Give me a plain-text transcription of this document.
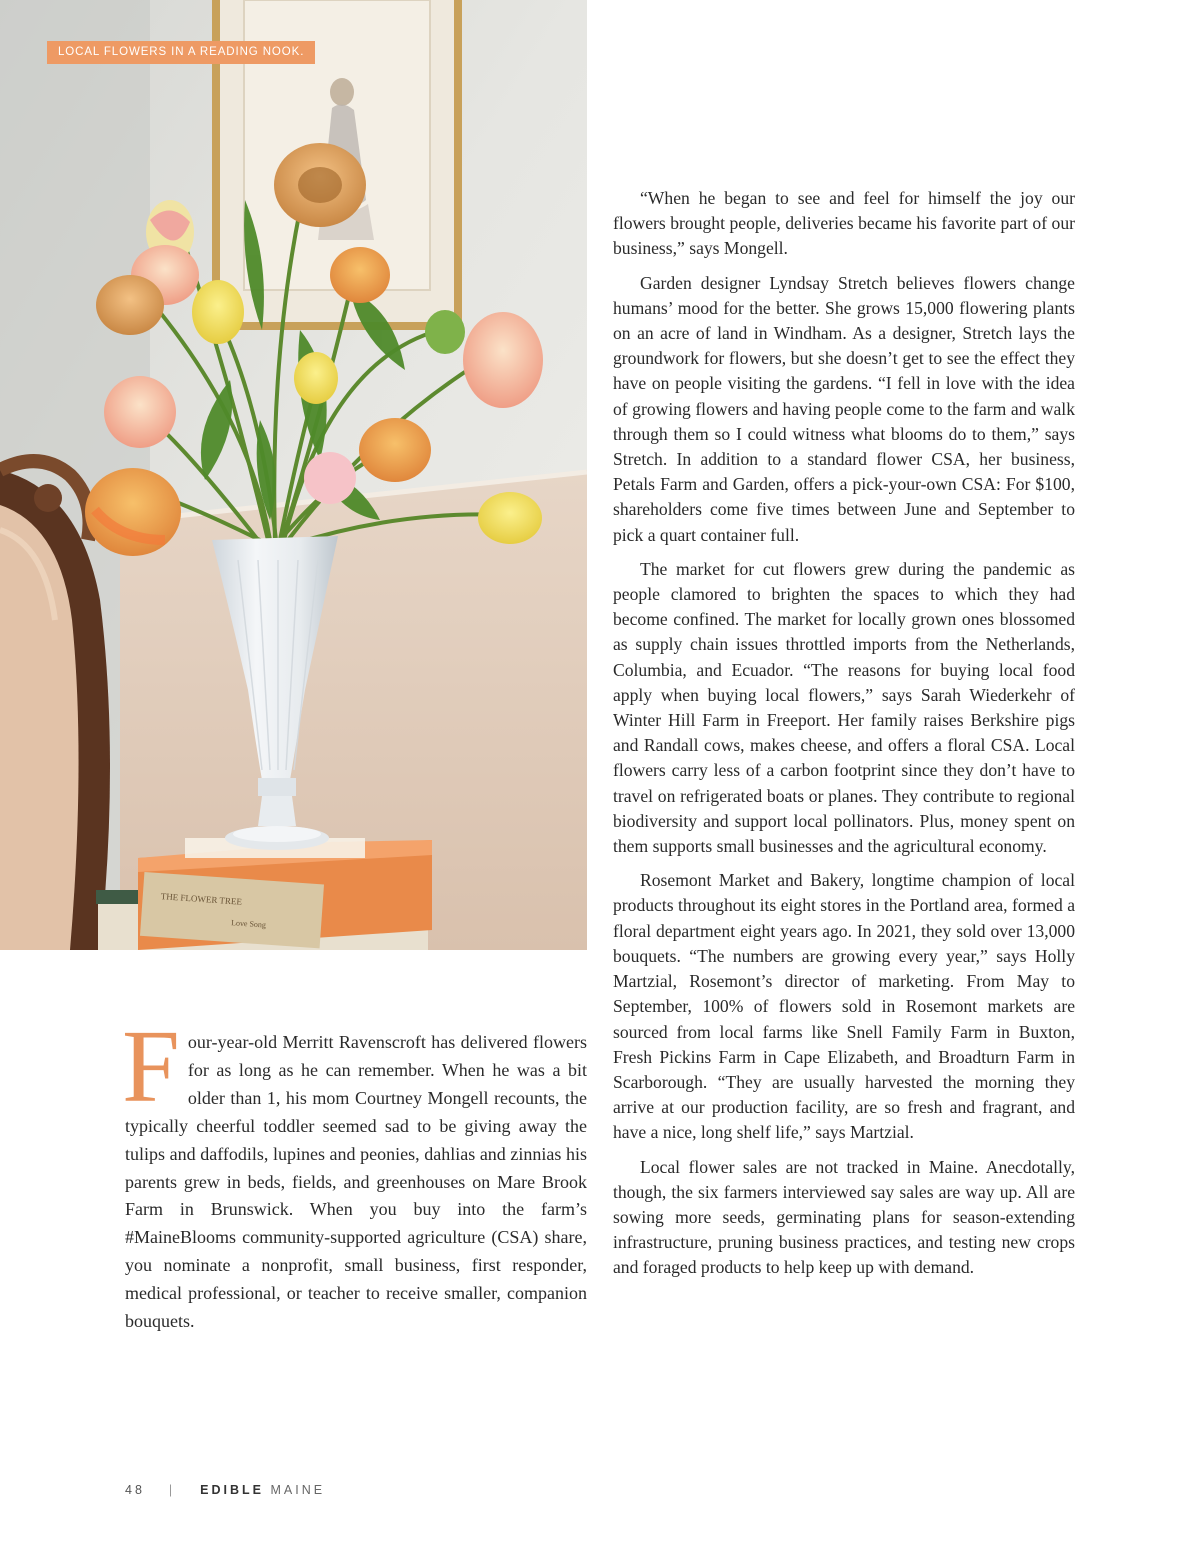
THE FLOWER TREE
Love Song
LOCAL FLOWERS IN A READING NOOK.

Four-year-old Merritt Ravenscroft has delivered flowers for as long as he can remember. When he was a bit older than 1, his mom Courtney Mongell recounts, the typically cheerful toddler seemed sad to be giving away the tulips and daffodils, lupines and peonies, dahlias and zinnias his parents grew in beds, fields, and greenhouses on Mare Brook Farm in Brunswick. When you buy into the farm’s #MaineBlooms community-supported agriculture (CSA) share, you nominate a nonprofit, small business, first responder, medical professional, or teacher to receive smaller, companion bouquets.

“When he began to see and feel for himself the joy our flowers brought people, deliveries became his favorite part of our business,” says Mongell.

Garden designer Lyndsay Stretch believes flowers change humans’ mood for the better. She grows 15,000 flowering plants on an acre of land in Windham. As a designer, Stretch lays the groundwork for flowers, but she doesn’t get to see the effect they have on people visiting the gardens. “I fell in love with the idea of growing flowers and having people come to the farm and walk through them so I could witness what blooms do to them,” says Stretch. In addition to a standard flower CSA, her business, Petals Farm and Garden, offers a pick-your-own CSA: For $100, shareholders come five times between June and September to pick a quart container full.

The market for cut flowers grew during the pandemic as people clamored to brighten the spaces to which they had become confined. The market for locally grown ones blossomed as supply chain issues throttled imports from the Netherlands, Columbia, and Ecuador. “The reasons for buying local food apply when buying local flowers,” says Sarah Wiederkehr of Winter Hill Farm in Freeport. Her family raises Berkshire pigs and Randall cows, makes cheese, and offers a floral CSA. Local flowers carry less of a carbon footprint since they don’t have to travel on refrigerated boats or planes. They contribute to regional biodiversity and support local pollinators. Plus, money spent on them supports small businesses and the agricultural economy.

Rosemont Market and Bakery, longtime champion of local products throughout its eight stores in the Portland area, formed a floral department eight years ago. In 2021, they sold over 13,000 bouquets. “The numbers are growing every year,” says Holly Martzial, Rosemont’s director of marketing. From May to September, 100% of flowers sold in Rosemont markets are sourced from local farms like Snell Family Farm in Buxton, Fresh Pickins Farm in Cape Elizabeth, and Broadturn Farm in Scarborough. “They are usually harvested the morning they arrive at our production facility, are so fresh and fragrant, and have a nice, long shelf life,” says Martzial.

Local flower sales are not tracked in Maine. Anecdotally, though, the six farmers interviewed say sales are way up. All are sowing more seeds, germinating plans for season-extending infrastructure, pruning business practices, and testing new crops and foraged products to help keep up with demand.

48 | EDIBLE MAINE
